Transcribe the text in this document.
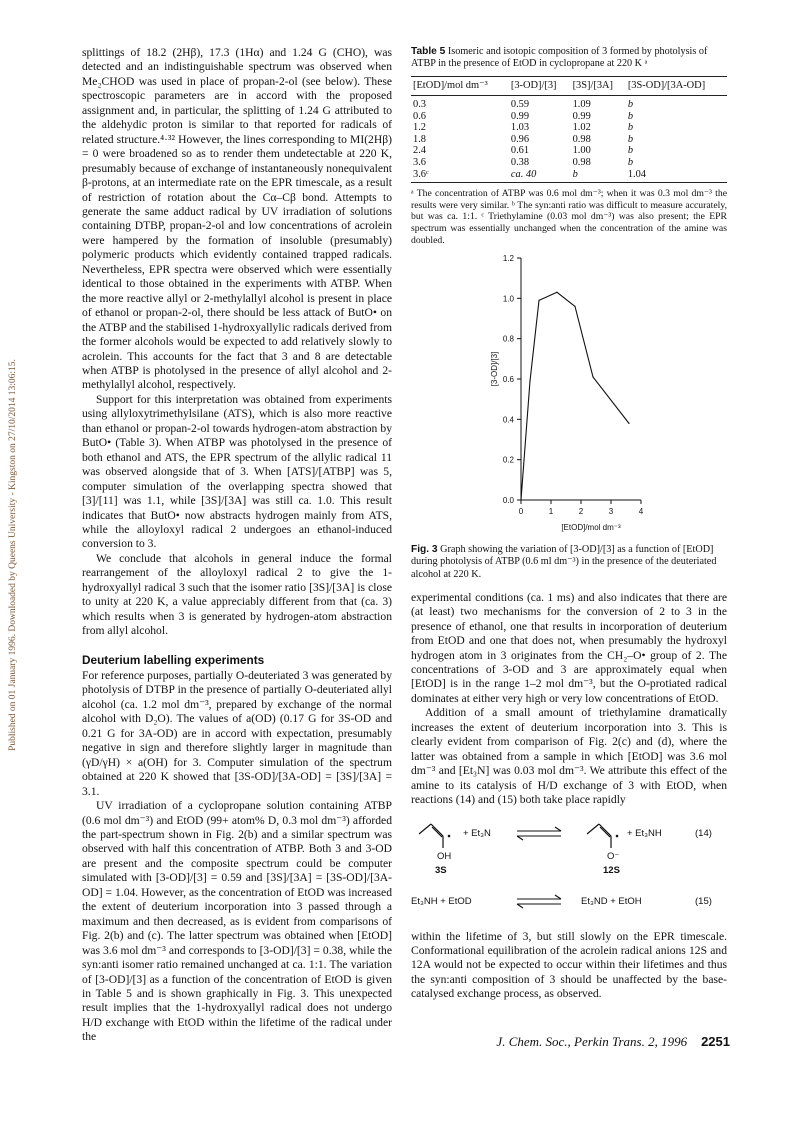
Published on 01 January 1996. Downloaded by Queens University - Kingston on 27/10/2014 13:06:15.

splittings of 18.2 (2Hβ), 17.3 (1Hα) and 1.24 G (CHO), was detected and an indistinguishable spectrum was observed when Me₂CHOD was used in place of propan-2-ol (see below). These spectroscopic parameters are in accord with the proposed assignment and, in particular, the splitting of 1.24 G attributed to the aldehydic proton is similar to that reported for radicals of related structure.⁴·³² However, the lines corresponding to MI(2Hβ) = 0 were broadened so as to render them undetectable at 220 K, presumably because of exchange of instantaneously nonequivalent β-protons, at an intermediate rate on the EPR timescale, as a result of restriction of rotation about the Cα–Cβ bond. Attempts to generate the same adduct radical by UV irradiation of solutions containing DTBP, propan-2-ol and low concentrations of acrolein were hampered by the formation of insoluble (presumably) polymeric products which evidently contained trapped radicals. Nevertheless, EPR spectra were observed which were essentially identical to those obtained in the experiments with ATBP. When the more reactive allyl or 2-methylallyl alcohol is present in place of ethanol or propan-2-ol, there should be less attack of ButO• on the ATBP and the stabilised 1-hydroxyallylic radicals derived from the former alcohols would be expected to add relatively slowly to acrolein. This accounts for the fact that 3 and 8 are detectable when ATBP is photolysed in the presence of allyl alcohol and 2-methylallyl alcohol, respectively.

Support for this interpretation was obtained from experiments using allyloxytrimethylsilane (ATS), which is also more reactive than ethanol or propan-2-ol towards hydrogen-atom abstraction by ButO• (Table 3). When ATBP was photolysed in the presence of both ethanol and ATS, the EPR spectrum of the allylic radical 11 was observed alongside that of 3. When [ATS]/[ATBP] was 5, computer simulation of the overlapping spectra showed that [3]/[11] was 1.1, while [3S]/[3A] was still ca. 1.0. This result indicates that ButO• now abstracts hydrogen mainly from ATS, while the alloyloxyl radical 2 undergoes an ethanol-induced conversion to 3.

We conclude that alcohols in general induce the formal rearrangement of the alloyloxyl radical 2 to give the 1-hydroxyallyl radical 3 such that the isomer ratio [3S]/[3A] is close to unity at 220 K, a value appreciably different from that (ca. 3) which results when 3 is generated by hydrogen-atom abstraction from allyl alcohol.

Deuterium labelling experiments

For reference purposes, partially O-deuteriated 3 was generated by photolysis of DTBP in the presence of partially O-deuteriated allyl alcohol (ca. 1.2 mol dm⁻³, prepared by exchange of the normal alcohol with D₂O). The values of a(OD) (0.17 G for 3S-OD and 0.21 G for 3A-OD) are in accord with expectation, presumably negative in sign and therefore slightly larger in magnitude than (γD/γH) × a(OH) for 3. Computer simulation of the spectrum obtained at 220 K showed that [3S-OD]/[3A-OD] = [3S]/[3A] = 3.1.

UV irradiation of a cyclopropane solution containing ATBP (0.6 mol dm⁻³) and EtOD (99+ atom% D, 0.3 mol dm⁻³) afforded the part-spectrum shown in Fig. 2(b) and a similar spectrum was observed with half this concentration of ATBP. Both 3 and 3-OD are present and the composite spectrum could be computer simulated with [3-OD]/[3] = 0.59 and [3S]/[3A] = [3S-OD]/[3A-OD] = 1.04. However, as the concentration of EtOD was increased the extent of deuterium incorporation into 3 passed through a maximum and then decreased, as is evident from comparisons of Fig. 2(b) and (c). The latter spectrum was obtained when [EtOD] was 3.6 mol dm⁻³ and corresponds to [3-OD]/[3] = 0.38, while the syn:anti isomer ratio remained unchanged at ca. 1:1. The variation of [3-OD]/[3] as a function of the concentration of EtOD is given in Table 5 and is shown graphically in Fig. 3. This unexpected result implies that the 1-hydroxyallyl radical does not undergo H/D exchange with EtOD within the lifetime of the radical under the

Table 5 Isomeric and isotopic composition of 3 formed by photolysis of ATBP in the presence of EtOD in cyclopropane at 220 K ᵃ
[EtOD]/mol dm⁻³	[3-OD]/[3]	[3S]/[3A]	[3S-OD]/[3A-OD]
0.3	0.59	1.09	b
0.6	0.99	0.99	b
1.2	1.03	1.02	b
1.8	0.96	0.98	b
2.4	0.61	1.00	b
3.6	0.38	0.98	b
3.6ᶜ	ca. 40	b	1.04
ᵃ The concentration of ATBP was 0.6 mol dm⁻³; when it was 0.3 mol dm⁻³ the results were very similar. ᵇ The syn:anti ratio was difficult to measure accurately, but was ca. 1:1. ᶜ Triethylamine (0.03 mol dm⁻³) was also present; the EPR spectrum was essentially unchanged when the concentration of the amine was doubled.
0.0
0.2
0.4
0.6
0.8
1.0
1.2
0	1	2	3	4
[EtOD]/mol dm⁻³
[3-OD]/[3]
Fig. 3 Graph showing the variation of [3-OD]/[3] as a function of [EtOD] during photolysis of ATBP (0.6 ml dm⁻³) in the presence of the deuteriated alcohol at 220 K.

experimental conditions (ca. 1 ms) and also indicates that there are (at least) two mechanisms for the conversion of 2 to 3 in the presence of ethanol, one that results in incorporation of deuterium from EtOD and one that does not, when presumably the hydroxyl hydrogen atom in 3 originates from the CH₂–O• group of 2. The concentrations of 3-OD and 3 are approximately equal when [EtOD] is in the range 1–2 mol dm⁻³, but the O-protiated radical dominates at either very high or very low concentrations of EtOD.

Addition of a small amount of triethylamine dramatically increases the extent of deuterium incorporation into 3. This is clearly evident from comparison of Fig. 2(c) and (d), where the latter was obtained from a sample in which [EtOD] was 3.6 mol dm⁻³ and [Et₃N] was 0.03 mol dm⁻³. We attribute this effect of the amine to its catalysis of H/D exchange of 3 with EtOD, when reactions (14) and (15) both take place rapidly

OH
3S
+ Et₃N
O⁻
12S
+ Et₃NH	(14)
Et₃NH + EtOD	Et₃ND + EtOH	(15)

within the lifetime of 3, but still slowly on the EPR timescale. Conformational equilibration of the acrolein radical anions 12S and 12A would not be expected to occur within their lifetimes and thus the syn:anti composition of 3 should be unaffected by the base-catalysed exchange process, as observed.

J. Chem. Soc., Perkin Trans. 2, 1996 2251
